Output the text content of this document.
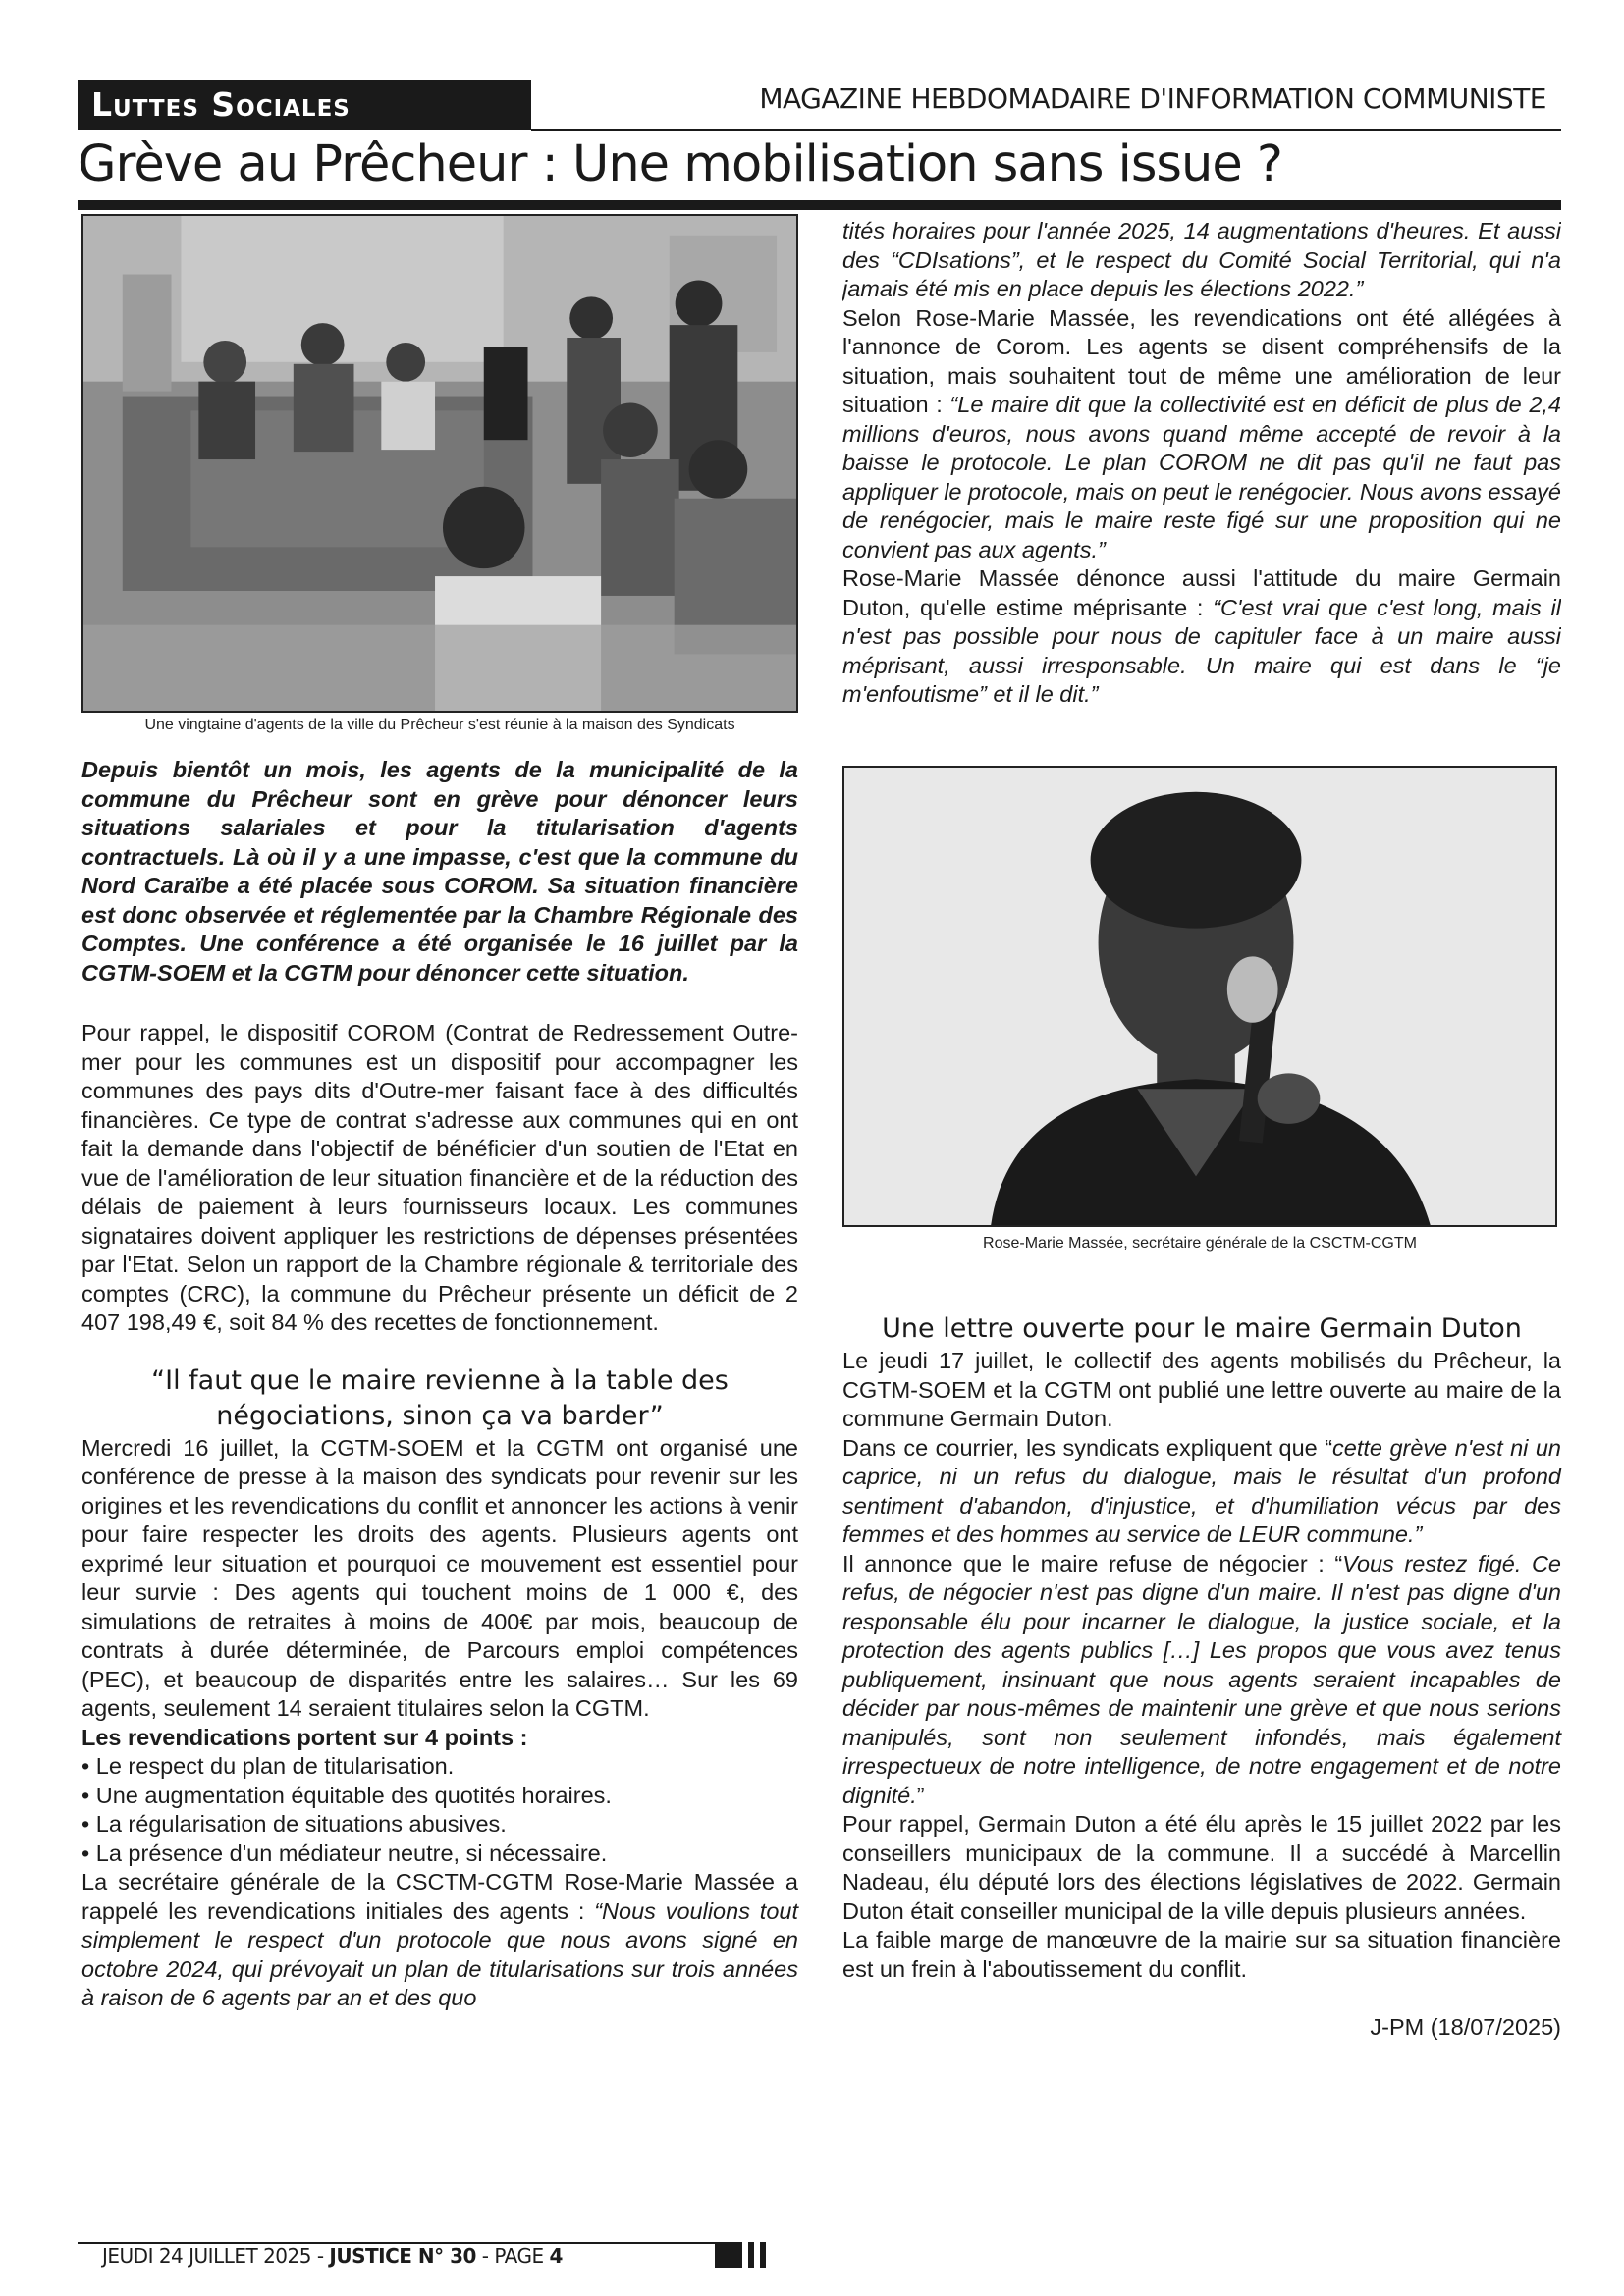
Luttes Sociales	MAGAZINE HEBDOMADAIRE D'INFORMATION COMMUNISTE
Grève au Prêcheur : Une mobilisation sans issue ?
Une vingtaine d'agents de la ville du Prêcheur s'est réunie à la maison des Syndicats

Depuis bientôt un mois, les agents de la municipalité de la commune du Prêcheur sont en grève pour dénoncer leurs situations salariales et pour la titularisation d'agents contractuels. Là où il y a une impasse, c'est que la commune du Nord Caraïbe a été placée sous COROM. Sa situation financière est donc observée et réglementée par la Chambre Régionale des Comptes. Une conférence a été organisée le 16 juillet par la CGTM-SOEM et la CGTM pour dénoncer cette situation.

Pour rappel, le dispositif COROM (Contrat de Redressement Outre-mer pour les communes est un dispositif pour accompagner les communes des pays dits d'Outre-mer faisant face à des difficultés financières. Ce type de contrat s'adresse aux communes qui en ont fait la demande dans l'objectif de bénéficier d'un soutien de l'Etat en vue de l'amélioration de leur situation financière et de la réduction des délais de paiement à leurs fournisseurs locaux. Les communes signataires doivent appliquer les restrictions de dépenses présentées par l'Etat. Selon un rapport de la Chambre régionale & territoriale des comptes (CRC), la commune du Prêcheur présente un déficit de 2 407 198,49 €, soit 84 % des recettes de fonctionnement.

“Il faut que le maire revienne à la table des négociations, sinon ça va barder”

Mercredi 16 juillet, la CGTM-SOEM et la CGTM ont organisé une conférence de presse à la maison des syndicats pour revenir sur les origines et les revendications du conflit et annoncer les actions à venir pour faire respecter les droits des agents. Plusieurs agents ont exprimé leur situation et pourquoi ce mouvement est essentiel pour leur survie : Des agents qui touchent moins de 1 000 €, des simulations de retraites à moins de 400€ par mois, beaucoup de contrats à durée déterminée, de Parcours emploi compétences (PEC), et beaucoup de disparités entre les salaires… Sur les 69 agents, seulement 14 seraient titulaires selon la CGTM.

Les revendications portent sur 4 points :

• Le respect du plan de titularisation.

• Une augmentation équitable des quotités horaires.

• La régularisation de situations abusives.

• La présence d'un médiateur neutre, si nécessaire.

La secrétaire générale de la CSCTM-CGTM Rose-Marie Massée a rappelé les revendications initiales des agents : “Nous voulions tout simplement le respect d'un protocole que nous avons signé en octobre 2024, qui prévoyait un plan de titularisations sur trois années à raison de 6 agents par an et des quo

tités horaires pour l'année 2025, 14 augmentations d'heures. Et aussi des “CDIsations”, et le respect du Comité Social Territorial, qui n'a jamais été mis en place depuis les élections 2022.”

Selon Rose-Marie Massée, les revendications ont été allégées à l'annonce de Corom. Les agents se disent compréhensifs de la situation, mais souhaitent tout de même une amélioration de leur situation : “Le maire dit que la collectivité est en déficit de plus de 2,4 millions d'euros, nous avons quand même accepté de revoir à la baisse le protocole. Le plan COROM ne dit pas qu'il ne faut pas appliquer le protocole, mais on peut le renégocier. Nous avons essayé de renégocier, mais le maire reste figé sur une proposition qui ne convient pas aux agents.”

Rose-Marie Massée dénonce aussi l'attitude du maire Germain Duton, qu'elle estime méprisante : “C'est vrai que c'est long, mais il n'est pas possible pour nous de capituler face à un maire aussi méprisant, aussi irresponsable. Un maire qui est dans le “je m'enfoutisme” et il le dit.”

Rose-Marie Massée, secrétaire générale de la CSCTM-CGTM
Une lettre ouverte pour le maire Germain Duton

Le jeudi 17 juillet, le collectif des agents mobilisés du Prêcheur, la CGTM-SOEM et la CGTM ont publié une lettre ouverte au maire de la commune Germain Duton.

Dans ce courrier, les syndicats expliquent que “cette grève n'est ni un caprice, ni un refus du dialogue, mais le résultat d'un profond sentiment d'abandon, d'injustice, et d'humiliation vécus par des femmes et des hommes au service de LEUR commune.”

Il annonce que le maire refuse de négocier : “Vous restez figé. Ce refus, de négocier n'est pas digne d'un maire. Il n'est pas digne d'un responsable élu pour incarner le dialogue, la justice sociale, et la protection des agents publics […] Les propos que vous avez tenus publiquement, insinuant que nous agents seraient incapables de décider par nous-mêmes de maintenir une grève et que nous serions manipulés, sont non seulement infondés, mais également irrespectueux de notre intelligence, de notre engagement et de notre dignité.”

Pour rappel, Germain Duton a été élu après le 15 juillet 2022 par les conseillers municipaux de la commune. Il a succédé à Marcellin Nadeau, élu député lors des élections législatives de 2022. Germain Duton était conseiller municipal de la ville depuis plusieurs années.

La faible marge de manœuvre de la mairie sur sa situation financière est un frein à l'aboutissement du conflit.

J-PM (18/07/2025)

JEUDI 24 JUILLET 2025 - JUSTICE N° 30 - PAGE 4
